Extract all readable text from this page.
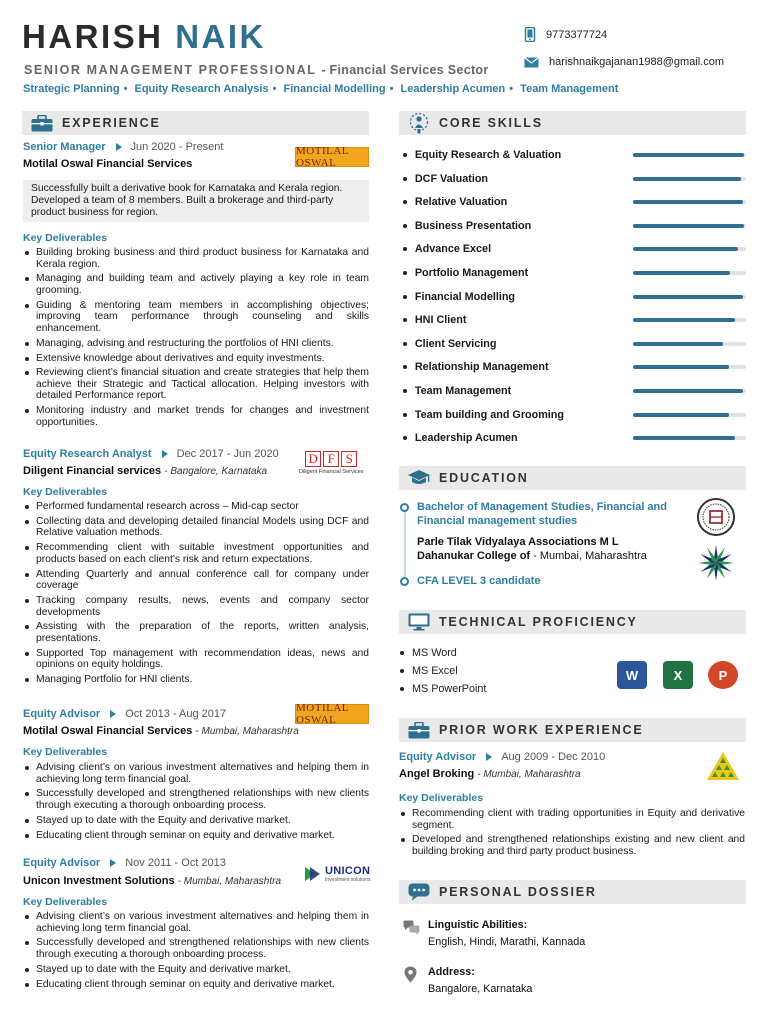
HARISH NAIK
SENIOR MANAGEMENT PROFESSIONAL - Financial Services Sector
Strategic Planning • Equity Research Analysis • Financial Modelling • Leadership Acumen • Team Management
9773377724
harishnaikgajanan1988@gmail.com
EXPERIENCE
Senior Manager Jun 2020 - Present
Motilal Oswal Financial Services
MOTILAL OSWAL
Successfully built a derivative book for Karnataka and Kerala region. Developed a team of 8 members. Built a brokerage and third-party product business for region.
Key Deliverables
Building broking business and third product business for Karnataka and Kerala region.
Managing and building team and actively playing a key role in team grooming.
Guiding & mentoring team members in accomplishing objectives; improving team performance through counseling and skills enhancement.
Managing, advising and restructuring the portfolios of HNI clients.
Extensive knowledge about derivatives and equity investments.
Reviewing client’s financial situation and create strategies that help them achieve their Strategic and Tactical allocation. Helping investors with detailed Performance report.
Monitoring industry and market trends for changes and investment opportunities.
Equity Research Analyst Dec 2017 - Jun 2020
Diligent Financial services - Bangalore, Karnataka
D F S
Diligent Financial Services
Key Deliverables
Performed fundamental research across – Mid-cap sector
Collecting data and developing detailed financial Models using DCF and Relative valuation methods.
Recommending client with suitable investment opportunities and products based on each client’s risk and return expectations.
Attending Quarterly and annual conference call for company under coverage
Tracking company results, news, events and company sector developments
Assisting with the preparation of the reports, written analysis, presentations.
Supported Top management with recommendation ideas, news and opinions on equity holdings.
Managing Portfolio for HNI clients.
Equity Advisor Oct 2013 - Aug 2017
Motilal Oswal Financial Services - Mumbai, Maharashtra
MOTILAL OSWAL
Key Deliverables
Advising client’s on various investment alternatives and helping them in achieving long term financial goal.
Successfully developed and strengthened relationships with new clients through executing a thorough onboarding process.
Stayed up to date with the Equity and derivative market.
Educating client through seminar on equity and derivative market.
Equity Advisor Nov 2011 - Oct 2013
Unicon Investment Solutions - Mumbai, Maharashtra
UNICON
Investment solutions
Key Deliverables
Advising client’s on various investment alternatives and helping them in achieving long term financial goal.
Successfully developed and strengthened relationships with new clients through executing a thorough onboarding process.
Stayed up to date with the Equity and derivative market.
Educating client through seminar on equity and derivative market.
CORE SKILLS
Equity Research & Valuation
DCF Valuation
Relative Valuation
Business Presentation
Advance Excel
Portfolio Management
Financial Modelling
HNI Client
Client Servicing
Relationship Management
Team Management
Team building and Grooming
Leadership Acumen
EDUCATION
Bachelor of Management Studies, Financial and Financial management studies
Parle Tilak Vidyalaya Associations M L Dahanukar College of - Mumbai, Maharashtra
CFA LEVEL 3 candidate
TECHNICAL PROFICIENCY
MS Word
MS Excel
MS PowerPoint
W	X	P
PRIOR WORK EXPERIENCE
Equity Advisor Aug 2009 - Dec 2010
Angel Broking - Mumbai, Maharashtra
Key Deliverables
Recommending client with trading opportunities in Equity and derivative segment.
Developed and strengthened relationships existing and new client and building broking and third party product business.
PERSONAL DOSSIER
Linguistic Abilities:
English, Hindi, Marathi, Kannada
Address:
Bangalore, Karnataka
